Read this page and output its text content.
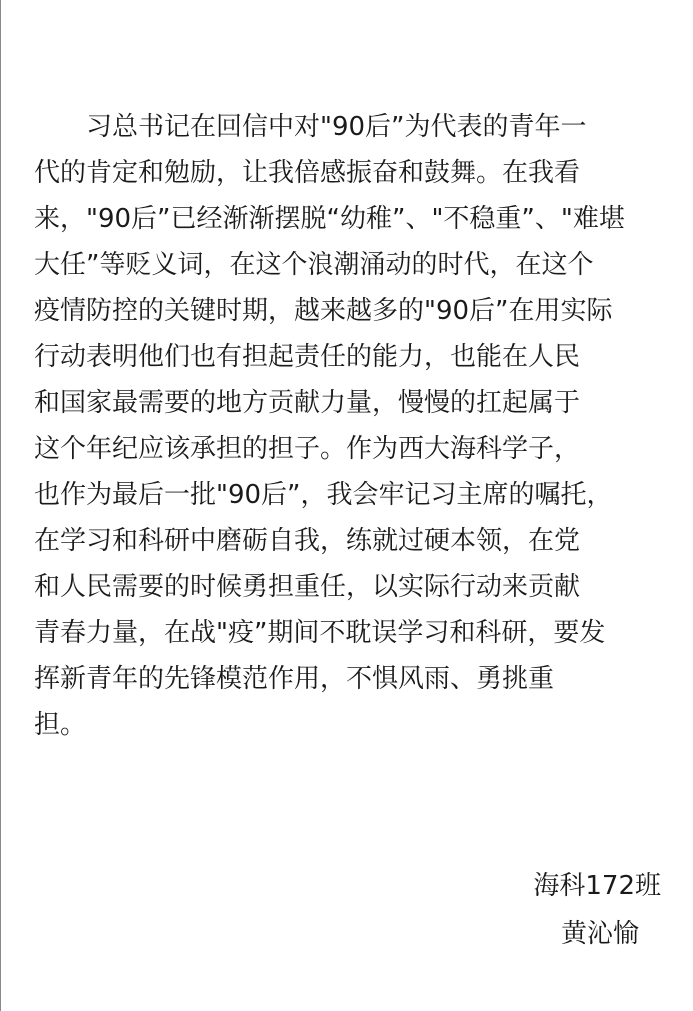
习总书记在回信中对"90后”为代表的青年一
代的肯定和勉励，让我倍感振奋和鼓舞。在我看
来，"90后”已经渐渐摆脱“幼稚”、"不稳重”、"难堪
大任”等贬义词，在这个浪潮涌动的时代，在这个
疫情防控的关键时期，越来越多的"90后”在用实际
行动表明他们也有担起责任的能力，也能在人民
和国家最需要的地方贡献力量，慢慢的扛起属于
这个年纪应该承担的担子。作为西大海科学子，
也作为最后一批"90后”，我会牢记习主席的嘱托，
在学习和科研中磨砺自我，练就过硬本领，在党
和人民需要的时候勇担重任，以实际行动来贡献
青春力量，在战"疫”期间不耽误学习和科研，要发
挥新青年的先锋模范作用，不惧风雨、勇挑重
担。
海科172班
黄沁愉
